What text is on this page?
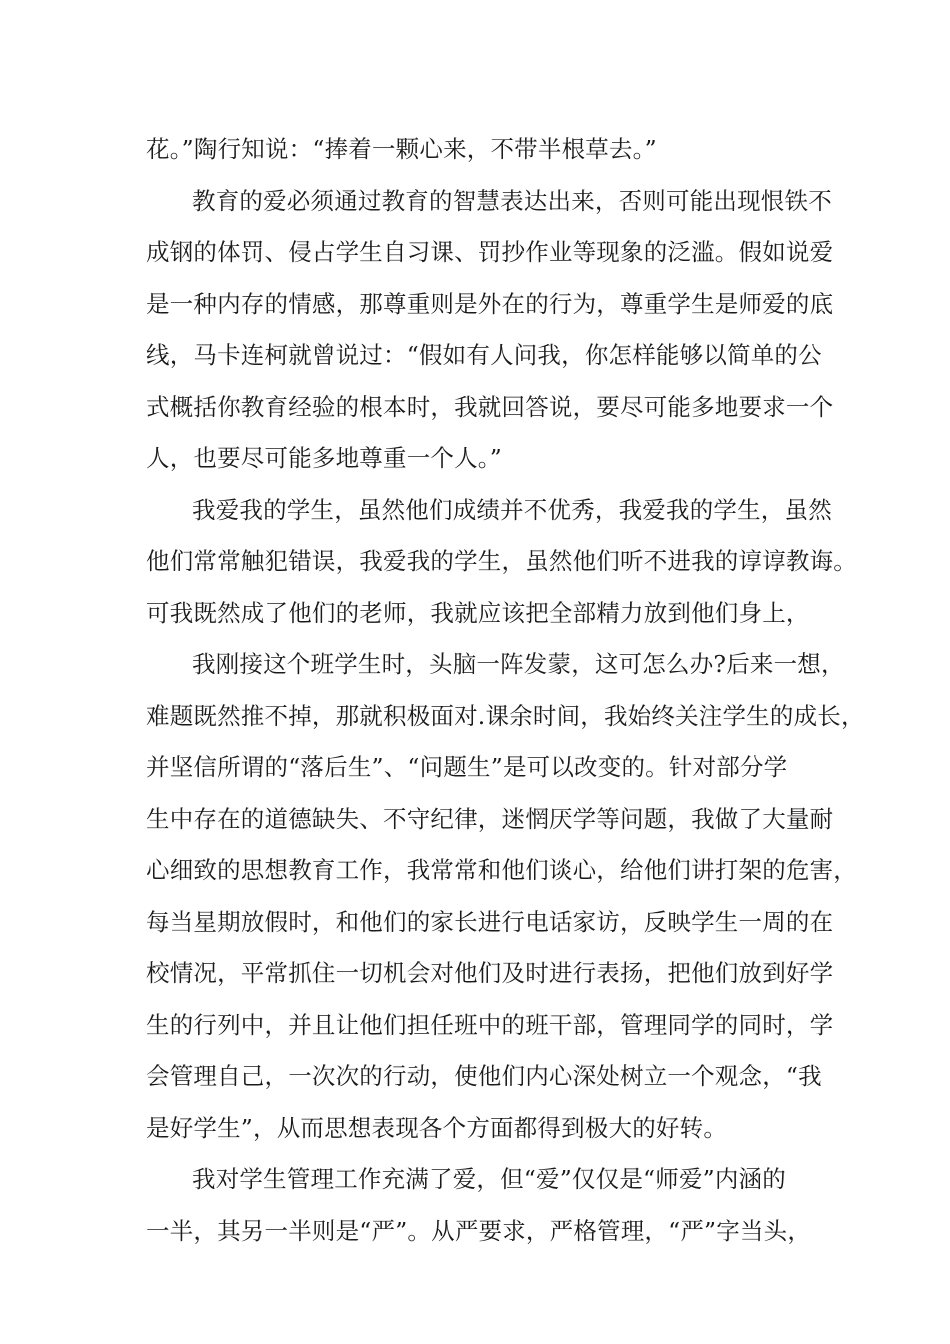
花。”陶行知说：“捧着一颗心来，不带半根草去。”
教育的爱必须通过教育的智慧表达出来，否则可能出现恨铁不
成钢的体罚、侵占学生自习课、罚抄作业等现象的泛滥。假如说爱
是一种内存的情感，那尊重则是外在的行为，尊重学生是师爱的底
线，马卡连柯就曾说过：“假如有人问我，你怎样能够以简单的公
式概括你教育经验的根本时，我就回答说，要尽可能多地要求一个
人，也要尽可能多地尊重一个人。”
我爱我的学生，虽然他们成绩并不优秀，我爱我的学生，虽然
他们常常触犯错误，我爱我的学生，虽然他们听不进我的谆谆教诲。
可我既然成了他们的老师，我就应该把全部精力放到他们身上，
我刚接这个班学生时，头脑一阵发蒙，这可怎么办?后来一想，
难题既然推不掉，那就积极面对.课余时间，我始终关注学生的成长，
并坚信所谓的“落后生”、“问题生”是可以改变的。针对部分学
生中存在的道德缺失、不守纪律，迷惘厌学等问题，我做了大量耐
心细致的思想教育工作，我常常和他们谈心，给他们讲打架的危害，
每当星期放假时，和他们的家长进行电话家访，反映学生一周的在
校情况，平常抓住一切机会对他们及时进行表扬，把他们放到好学
生的行列中，并且让他们担任班中的班干部，管理同学的同时，学
会管理自己，一次次的行动，使他们内心深处树立一个观念，“我
是好学生”，从而思想表现各个方面都得到极大的好转。
我对学生管理工作充满了爱，但“爱”仅仅是“师爱”内涵的
一半，其另一半则是“严”。从严要求，严格管理，“严”字当头，
